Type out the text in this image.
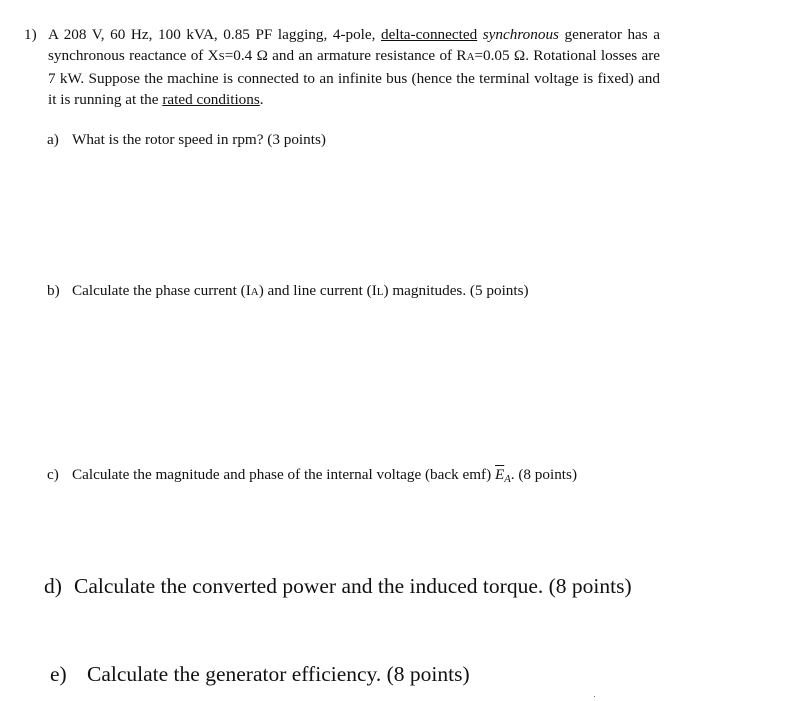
1) A 208 V, 60 Hz, 100 kVA, 0.85 PF lagging, 4-pole, delta-connected synchronous generator has a synchronous reactance of XS=0.4 Ω and an armature resistance of RA=0.05 Ω. Rotational losses are 7 kW. Suppose the machine is connected to an infinite bus (hence the terminal voltage is fixed) and it is running at the rated conditions.
a) What is the rotor speed in rpm? (3 points)
b) Calculate the phase current (IA) and line current (IL) magnitudes. (5 points)
c) Calculate the magnitude and phase of the internal voltage (back emf) $\overline{E}_A$. (8 points)
d) Calculate the converted power and the induced torque. (8 points)
e) Calculate the generator efficiency. (8 points)
